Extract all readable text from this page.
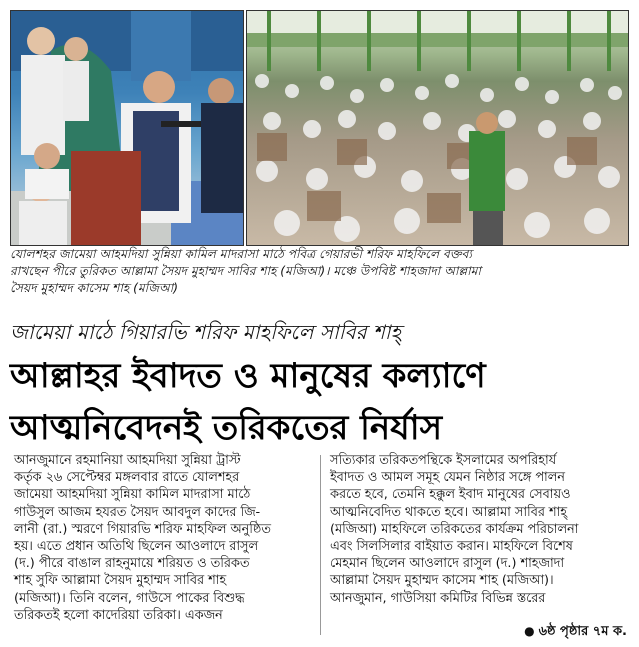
যোলশহর জামেয়া আহমদিয়া সুন্নিয়া কামিল মাদরাসা মাঠে পবিত্র গেয়ারভী শরিফ মাহফিলে বক্তব্য
রাখছেন পীরে তুরিকত আল্লামা সৈয়দ মুহাম্মদ সাবির শাহ (মজিআ)। মঞ্চে উপবিষ্ট শাহজাদা আল্লামা
সৈয়দ মুহাম্মদ কাসেম শাহ (মজিআ)
জামেয়া মাঠে গিয়ারভি শরিফ মাহফিলে সাবির শাহ্
আল্লাহর ইবাদত ও মানুষের কল্যাণে
আত্মনিবেদনই তরিকতের নির্যাস
আনজুমানে রহমানিয়া আহমদিয়া সুন্নিয়া ট্রাস্ট
কর্তৃক ২৬ সেপ্টেম্বর মঙ্গলবার রাতে যোলশহর
জামেয়া আহমদিয়া সুন্নিয়া কামিল মাদরাসা মাঠে
গাউসুল আজম হযরত সৈয়দ আবদুল কাদের জি-
লানী (রা.) স্মরণে গিয়ারভি শরিফ মাহফিল অনুষ্ঠিত
হয়। এতে প্রধান অতিথি ছিলেন আওলাদে রাসুল
(দ.) পীরে বাঙাল রাহনুমায়ে শরিয়ত ও তরিকত
শাহ সুফি আল্লামা সৈয়দ মুহাম্মদ সাবির শাহ
(মজিআ)। তিনি বলেন, গাউসে পাকের বিশুদ্ধ
তরিকতই হলো কাদেরিয়া তরিকা। একজন
সত্যিকার তরিকতপন্থিকে ইসলামের অপরিহার্য
ইবাদত ও আমল সমূহ যেমন নিষ্ঠার সঙ্গে পালন
করতে হবে, তেমনি হক্কুল ইবাদ মানুষের সেবায়ও
আত্মনিবেদিত থাকতে হবে। আল্লামা সাবির শাহ্
(মজিআ) মাহফিলে তরিকতের কার্যক্রম পরিচালনা
এবং সিলসিলার বাইয়াত করান। মাহফিলে বিশেষ
মেহমান ছিলেন আওলাদে রাসুল (দ.) শাহজাদা
আল্লামা সৈয়দ মুহাম্মদ কাসেম শাহ (মজিআ)।
আনজুমান, গাউসিয়া কমিটির বিভিন্ন স্তরের
● ৬ষ্ঠ পৃষ্ঠার ৭ম ক.
